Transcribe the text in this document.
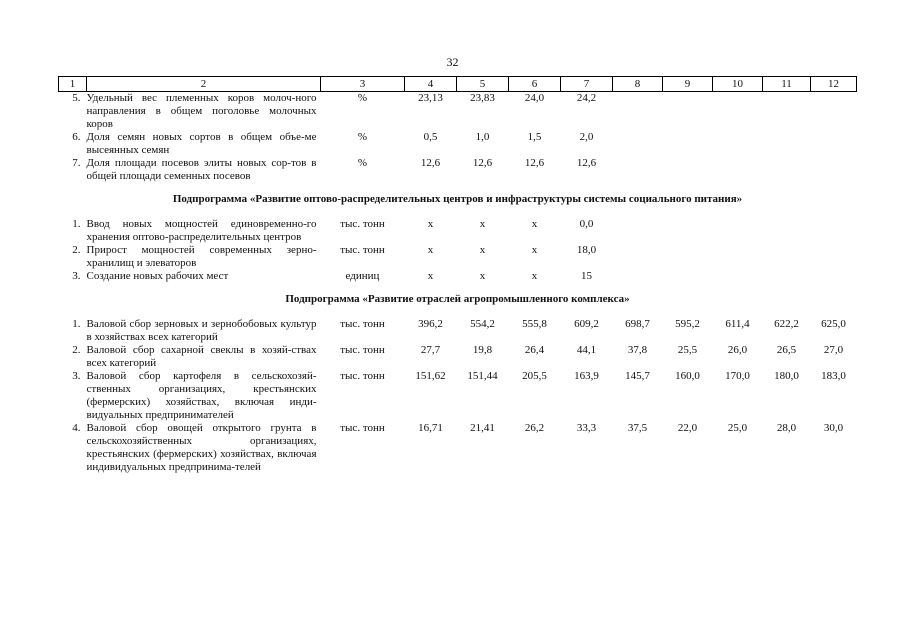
32
1	2	3	4	5	6	7	8	9	10	11	12
5.	Удельный вес племенных коров молоч-ного направления в общем поголовье молочных коров	%	23,13	23,83	24,0	24,2					
6.	Доля семян новых сортов в общем объе-ме высеянных семян	%	0,5	1,0	1,5	2,0					
7.	Доля площади посевов элиты новых сор-тов в общей площади семенных посевов	%	12,6	12,6	12,6	12,6					
Подпрограмма «Развитие оптово-распределительных центров и инфраструктуры системы социального питания»											
1.	Ввод новых мощностей единовременно-го хранения оптово-распределительных центров	тыс. тонн	х	х	х	0,0					
2.	Прирост мощностей современных зерно-хранилищ и элеваторов	тыс. тонн	х	х	х	18,0					
3.	Создание новых рабочих мест	единиц	х	х	х	15					
Подпрограмма «Развитие отраслей агропромышленного комплекса»											
1.	Валовой сбор зерновых и зернобобовых культур в хозяйствах всех категорий	тыс. тонн	396,2	554,2	555,8	609,2	698,7	595,2	611,4	622,2	625,0
2.	Валовой сбор сахарной свеклы в хозяй-ствах всех категорий	тыс. тонн	27,7	19,8	26,4	44,1	37,8	25,5	26,0	26,5	27,0
3.	Валовой сбор картофеля в сельскохозяй-ственных организациях, крестьянских (фермерских) хозяйствах, включая инди-видуальных предпринимателей	тыс. тонн	151,62	151,44	205,5	163,9	145,7	160,0	170,0	180,0	183,0
4.	Валовой сбор овощей открытого грунта в сельскохозяйственных организациях, крестьянских (фермерских) хозяйствах, включая индивидуальных предпринима-телей	тыс. тонн	16,71	21,41	26,2	33,3	37,5	22,0	25,0	28,0	30,0
